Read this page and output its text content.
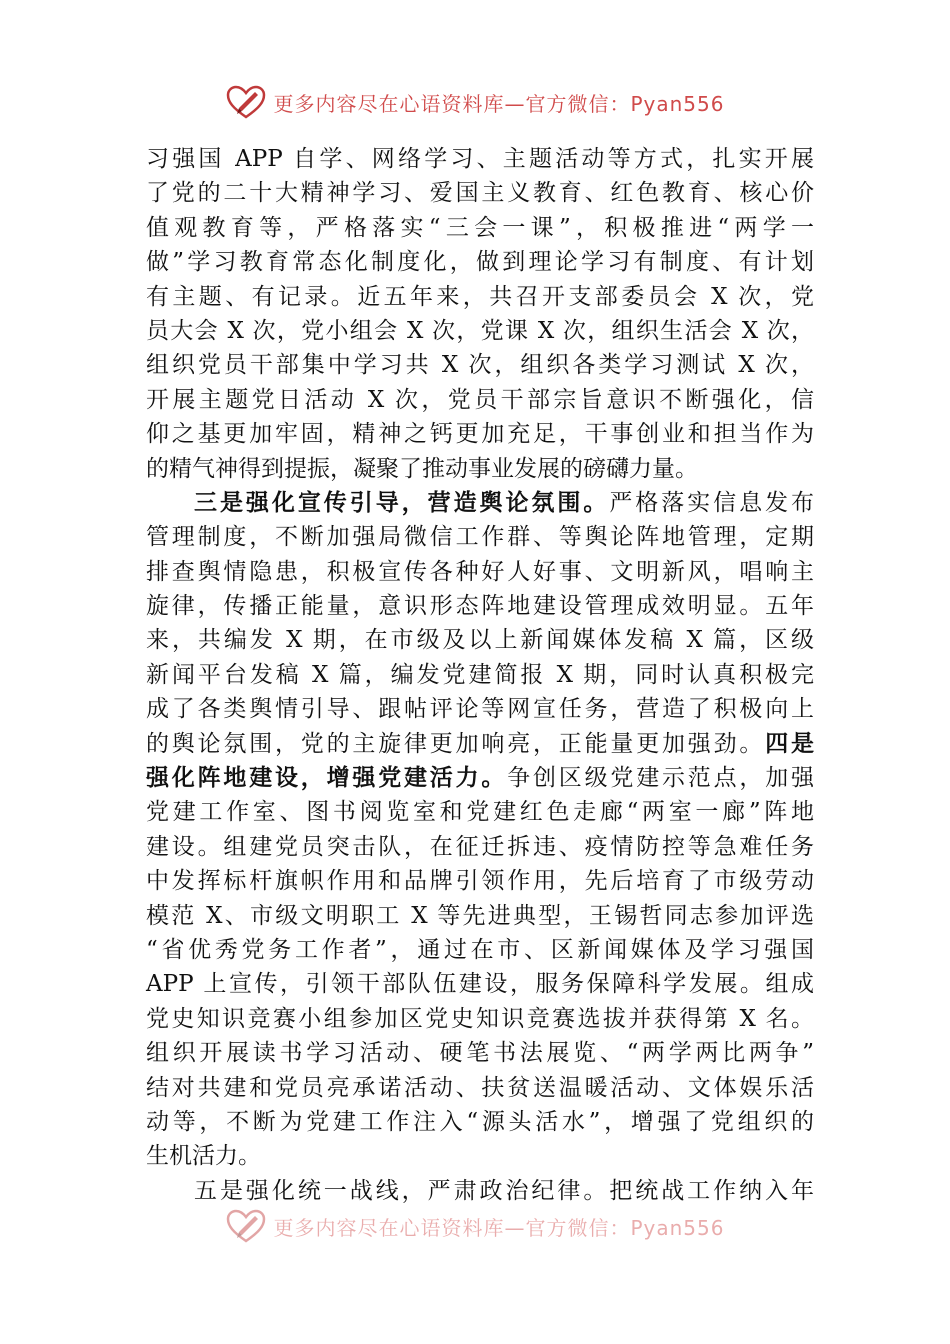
更多内容尽在心语资料库—官方微信：Pyan556
习强国 APP 自学、网络学习、主题活动等方式，扎实开展
了党的二十大精神学习、爱国主义教育、红色教育、核心价
值观教育等，严格落实“三会一课”，积极推进“两学一
做”学习教育常态化制度化，做到理论学习有制度、有计划
有主题、有记录。近五年来，共召开支部委员会 X 次，党
员大会 X 次，党小组会 X 次，党课 X 次，组织生活会 X 次，
组织党员干部集中学习共 X 次，组织各类学习测试 X 次，
开展主题党日活动 X 次，党员干部宗旨意识不断强化，信
仰之基更加牢固，精神之钙更加充足，干事创业和担当作为
的精气神得到提振，凝聚了推动事业发展的磅礴力量。
三是强化宣传引导，营造舆论氛围。严格落实信息发布
管理制度，不断加强局微信工作群、等舆论阵地管理，定期
排查舆情隐患，积极宣传各种好人好事、文明新风，唱响主
旋律，传播正能量，意识形态阵地建设管理成效明显。五年
来，共编发 X 期，在市级及以上新闻媒体发稿 X 篇，区级
新闻平台发稿 X 篇，编发党建简报 X 期，同时认真积极完
成了各类舆情引导、跟帖评论等网宣任务，营造了积极向上
的舆论氛围，党的主旋律更加响亮，正能量更加强劲。四是
强化阵地建设，增强党建活力。争创区级党建示范点，加强
党建工作室、图书阅览室和党建红色走廊“两室一廊”阵地
建设。组建党员突击队，在征迁拆违、疫情防控等急难任务
中发挥标杆旗帜作用和品牌引领作用，先后培育了市级劳动
模范 X、市级文明职工 X 等先进典型，王锡哲同志参加评选
“省优秀党务工作者”，通过在市、区新闻媒体及学习强国
APP 上宣传，引领干部队伍建设，服务保障科学发展。组成
党史知识竞赛小组参加区党史知识竞赛选拔并获得第 X 名。
组织开展读书学习活动、硬笔书法展览、“两学两比两争”
结对共建和党员亮承诺活动、扶贫送温暖活动、文体娱乐活
动等，不断为党建工作注入“源头活水”，增强了党组织的
生机活力。
五是强化统一战线，严肃政治纪律。把统战工作纳入年
更多内容尽在心语资料库—官方微信：Pyan556
